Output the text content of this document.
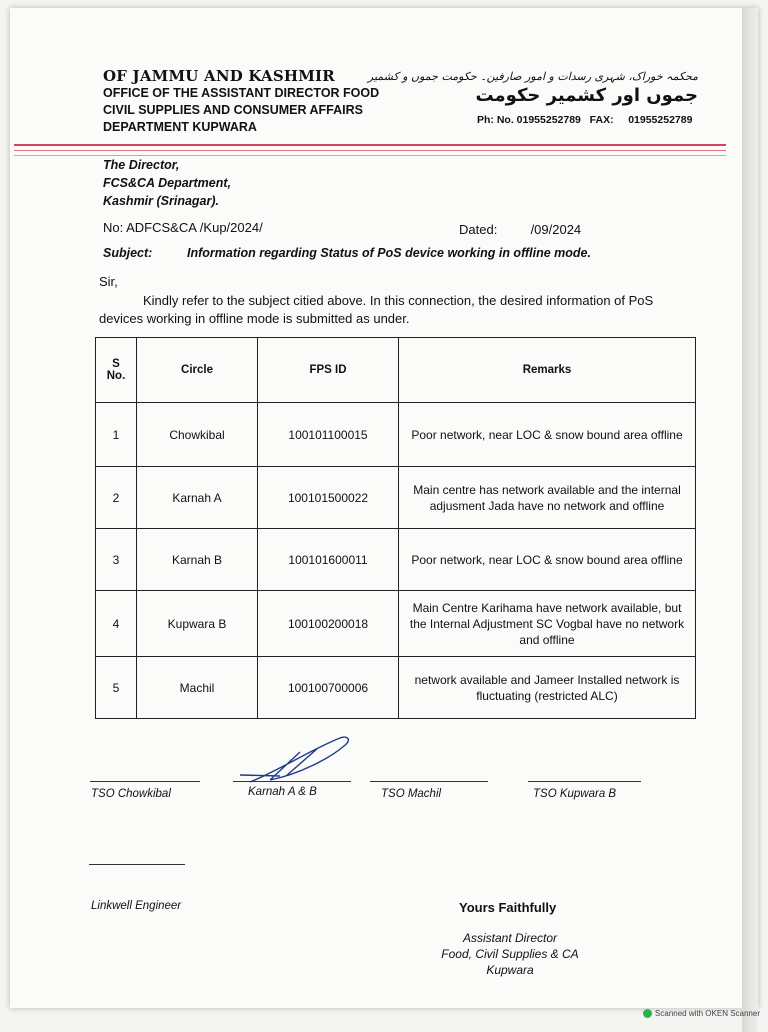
OF JAMMU AND KASHMIR
OFFICE OF THE ASSISTANT DIRECTOR FOOD
CIVIL SUPPLIES AND CONSUMER AFFAIRS
DEPARTMENT KUPWARA
محکمہ خوراک، شہری رسدات و امور صارفین۔ حکومت جموں و کشمیر
جموں اور کشمیر حکومت
Ph: No. 01955252789 FAX: 01955252789
The Director,
FCS&CA Department,
Kashmir (Srinagar).
No: ADFCS&CA /Kup/2024/	Dated:	/09/2024
Subject:	Information regarding Status of PoS device working in offline mode.
Sir,
Kindly refer to the subject citied above. In this connection, the desired information of PoS devices working in offline mode is submitted as under.
S No.	Circle	FPS ID	Remarks
1	Chowkibal	100101100015	Poor network, near LOC & snow bound area offline
2	Karnah A	100101500022	Main centre has network available and the internal adjusment Jada have no network and offline
3	Karnah B	100101600011	Poor network, near LOC & snow bound area offline
4	Kupwara B	100100200018	Main Centre Karihama have network available, but the Internal Adjustment SC Vogbal have no network and offline
5	Machil	100100700006	network available and Jameer Installed network is fluctuating (restricted ALC)
TSO Chowkibal	Karnah A & B	TSO Machil	TSO Kupwara B
Linkwell Engineer	Yours Faithfully
Assistant Director
Food, Civil Supplies & CA
Kupwara
Scanned with OKEN Scanner
